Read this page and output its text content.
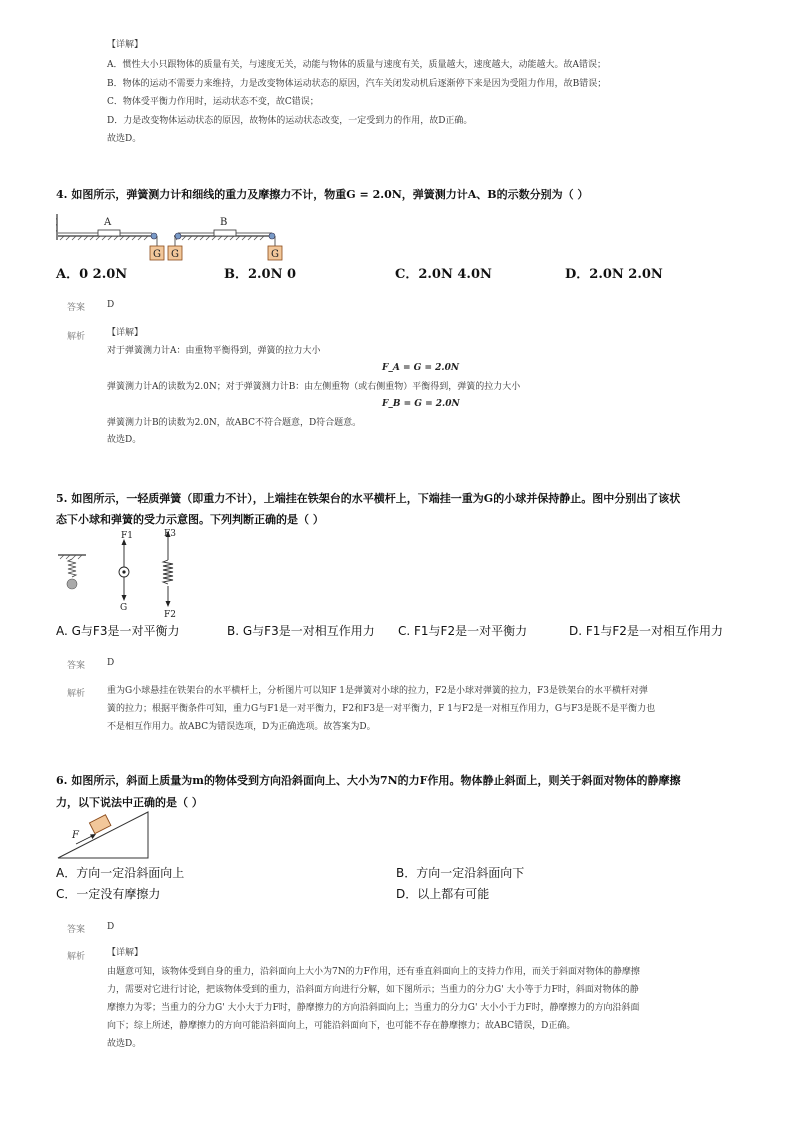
【详解】
A．惯性大小只跟物体的质量有关，与速度无关，动能与物体的质量与速度有关，质量越大，速度越大，动能越大。故A错误；
B．物体的运动不需要力来维持，力是改变物体运动状态的原因，汽车关闭发动机后逐渐停下来是因为受阻力作用，故B错误；
C．物体受平衡力作用时，运动状态不变，故C错误；
D．力是改变物体运动状态的原因，故物体的运动状态改变，一定受到力的作用，故D正确。
故选D。
4. 如图所示，弹簧测力计和细线的重力及摩擦力不计，物重G = 2.0N，弹簧测力计A、B的示数分别为（ ）
A
G G
B
G
A．0 2.0N	B．2.0N 0	C．2.0N 4.0N	D．2.0N 2.0N
答案 D
解析 【详解】
对于弹簧测力计A：由重物平衡得到，弹簧的拉力大小
F_A = G = 2.0N
弹簧测力计A的读数为2.0N；对于弹簧测力计B：由左侧重物（或右侧重物）平衡得到，弹簧的拉力大小
F_B = G = 2.0N
弹簧测力计B的读数为2.0N，故ABC不符合题意，D符合题意。
故选D。
5. 如图所示，一轻质弹簧（即重力不计），上端挂在铁架台的水平横杆上，下端挂一重为G的小球并保持静止。图中分别出了该状
态下小球和弹簧的受力示意图。下列判断正确的是（ ）
F1
G
F3
F2
A. G与F3是一对平衡力	B. G与F3是一对相互作用力 C. F1与F2是一对平衡力	D. F1与F2是一对相互作用力
答案 D
解析 重为G小球悬挂在铁架台的水平横杆上，分析图片可以知F 1是弹簧对小球的拉力，F2是小球对弹簧的拉力，F3是铁架台的水平横杆对弹
簧的拉力；根据平衡条件可知，重力G与F1是一对平衡力，F2和F3是一对平衡力，F 1与F2是一对相互作用力，G与F3是既不是平衡力也
不是相互作用力。故ABC为错误选项，D为正确选项。故答案为D。
6. 如图所示，斜面上质量为m的物体受到方向沿斜面向上、大小为7N的力F作用。物体静止斜面上，则关于斜面对物体的静摩擦
力，以下说法中正确的是（ ）
F
A．方向一定沿斜面向上	B．方向一定沿斜面向下
C．一定没有摩擦力	D．以上都有可能
答案 D
解析 【详解】
由题意可知，该物体受到自身的重力，沿斜面向上大小为7N的力F作用，还有垂直斜面向上的支持力作用，而关于斜面对物体的静摩擦
力，需要对它进行讨论，把该物体受到的重力，沿斜面方向进行分解，如下图所示；当重力的分力G' 大小等于力F时，斜面对物体的静
摩擦力为零；当重力的分力G' 大小大于力F时，静摩擦力的方向沿斜面向上；当重力的分力G' 大小小于力F时，静摩擦力的方向沿斜面
向下；综上所述，静摩擦力的方向可能沿斜面向上，可能沿斜面向下，也可能不存在静摩擦力；故ABC错误，D正确。
故选D。
